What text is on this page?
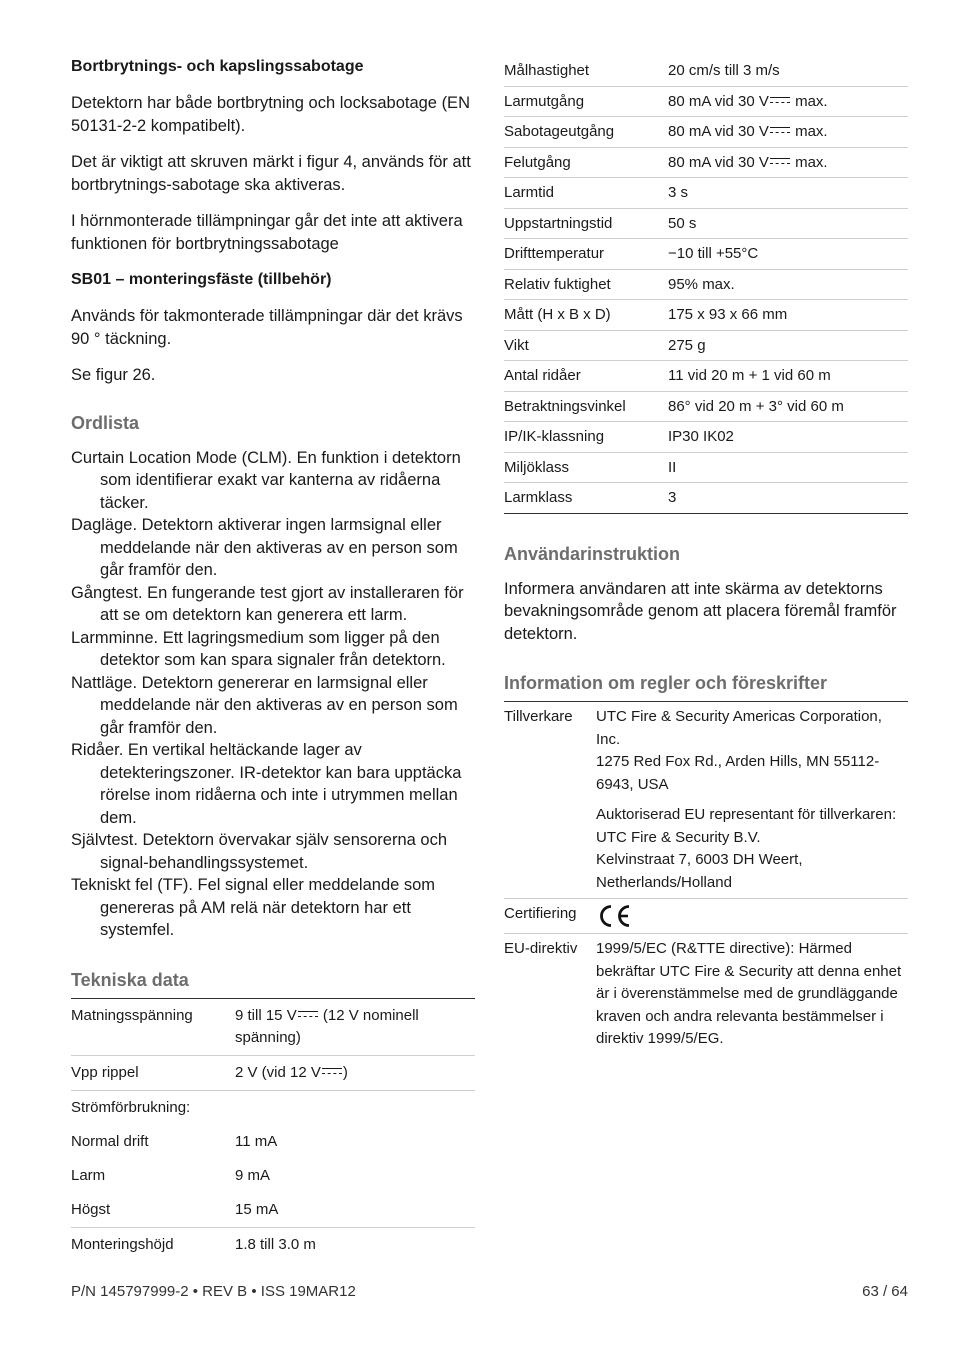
Bortbrytnings- och kapslingssabotage

Detektorn har både bortbrytning och locksabotage (EN 50131-2-2 kompatibelt).

Det är viktigt att skruven märkt i figur 4, används för att bortbrytnings-sabotage ska aktiveras.

I hörnmonterade tillämpningar går det inte att aktivera funktionen för bortbrytningssabotage

SB01 – monteringsfäste (tillbehör)

Används för takmonterade tillämpningar där det krävs 90 ° täckning.

Se figur 26.

Ordlista
Curtain Location Mode (CLM). En funktion i detektorn som identifierar exakt var kanterna av ridåerna täcker.
Dagläge. Detektorn aktiverar ingen larmsignal eller meddelande när den aktiveras av en person som går framför den.
Gångtest. En fungerande test gjort av installeraren för att se om detektorn kan generera ett larm.
Larmminne. Ett lagringsmedium som ligger på den detektor som kan spara signaler från detektorn.
Nattläge. Detektorn genererar en larmsignal eller meddelande när den aktiveras av en person som går framför den.
Ridåer. En vertikal heltäckande lager av detekteringszoner. IR-detektor kan bara upptäcka rörelse inom ridåerna och inte i utrymmen mellan dem.
Självtest. Detektorn övervakar själv sensorerna och signal-behandlingssystemet.
Tekniskt fel (TF). Fel signal eller meddelande som genereras på AM relä när detektorn har ett systemfel.
Tekniska data
Matningsspänning	9 till 15 V (12 V nominell spänning)
Vpp rippel	2 V (vid 12 V )
Strömförbrukning:	
Normal drift	11 mA
Larm	9 mA
Högst	15 mA
Monteringshöjd	1.8 till 3.0 m
Målhastighet	20 cm/s till 3 m/s
Larmutgång	80 mA vid 30 V max.
Sabotageutgång	80 mA vid 30 V max.
Felutgång	80 mA vid 30 V max.
Larmtid	3 s
Uppstartningstid	50 s
Drifttemperatur	−10 till +55°C
Relativ fuktighet	95% max.
Mått (H x B x D)	175 x 93 x 66 mm
Vikt	275 g
Antal ridåer	11 vid 20 m + 1 vid 60 m
Betraktningsvinkel	86° vid 20 m + 3° vid 60 m
IP/IK-klassning	IP30 IK02
Miljöklass	II
Larmklass	3
Användarinstruktion

Informera användaren att inte skärma av detektorns bevakningsområde genom att placera föremål framför detektorn.

Information om regler och föreskrifter
Tillverkare	UTC Fire & Security Americas Corporation, Inc.
1275 Red Fox Rd., Arden Hills, MN 55112-6943, USA

	Auktoriserad EU representant för tillverkaren:
UTC Fire & Security B.V.
Kelvinstraat 7, 6003 DH Weert, Netherlands/Holland

Certifiering	
EU-direktiv	1999/5/EC (R&TTE directive): Härmed bekräftar UTC Fire & Security att denna enhet är i överenstämmelse med de grundläggande kraven och andra relevanta bestämmelser i direktiv 1999/5/EG.
P/N 145797999-2 • REV B • ISS 19MAR12	63 / 64
